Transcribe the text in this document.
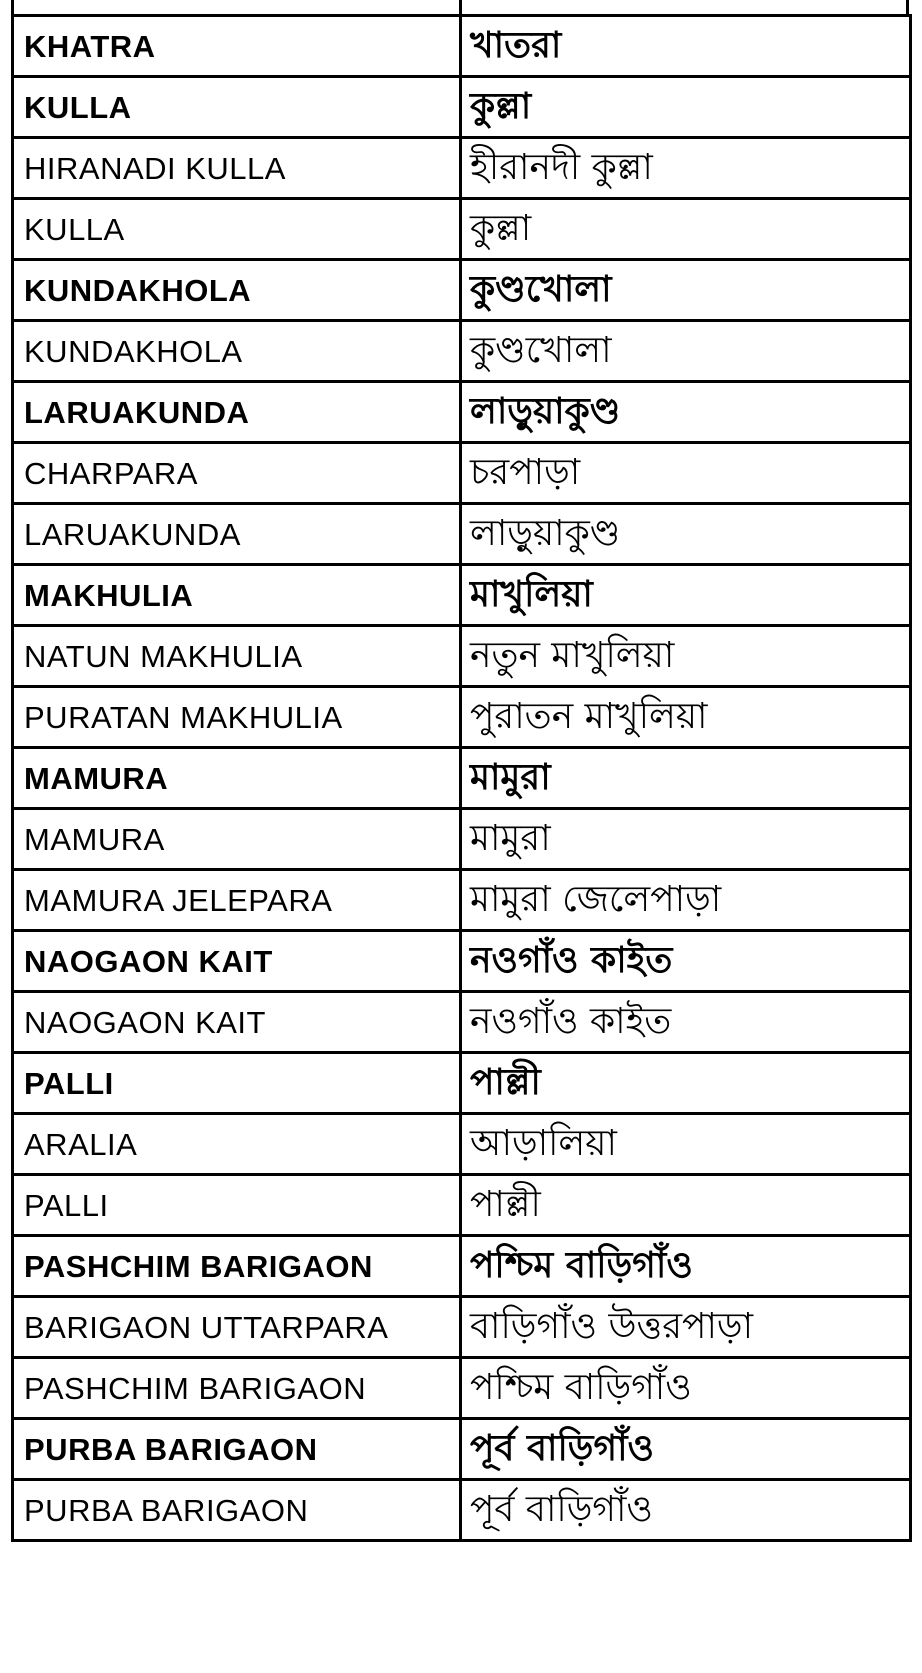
KHATRA	খাতরা
KULLA	কুল্লা
HIRANADI KULLA	হীরানদী কুল্লা
KULLA	কুল্লা
KUNDAKHOLA	কুণ্ডখোলা
KUNDAKHOLA	কুণ্ডখোলা
LARUAKUNDA	লাড়ুয়াকুণ্ড
CHARPARA	চরপাড়া
LARUAKUNDA	লাড়ুয়াকুণ্ড
MAKHULIA	মাখুলিয়া
NATUN MAKHULIA	নতুন মাখুলিয়া
PURATAN MAKHULIA	পুরাতন মাখুলিয়া
MAMURA	মামুরা
MAMURA	মামুরা
MAMURA JELEPARA	মামুরা জেলেপাড়া
NAOGAON KAIT	নওগাঁও কাইত
NAOGAON KAIT	নওগাঁও কাইত
PALLI	পাল্লী
ARALIA	আড়ালিয়া
PALLI	পাল্লী
PASHCHIM BARIGAON	পশ্চিম বাড়িগাঁও
BARIGAON UTTARPARA	বাড়িগাঁও উত্তরপাড়া
PASHCHIM BARIGAON	পশ্চিম বাড়িগাঁও
PURBA BARIGAON	পূর্ব বাড়িগাঁও
PURBA BARIGAON	পূর্ব বাড়িগাঁও
